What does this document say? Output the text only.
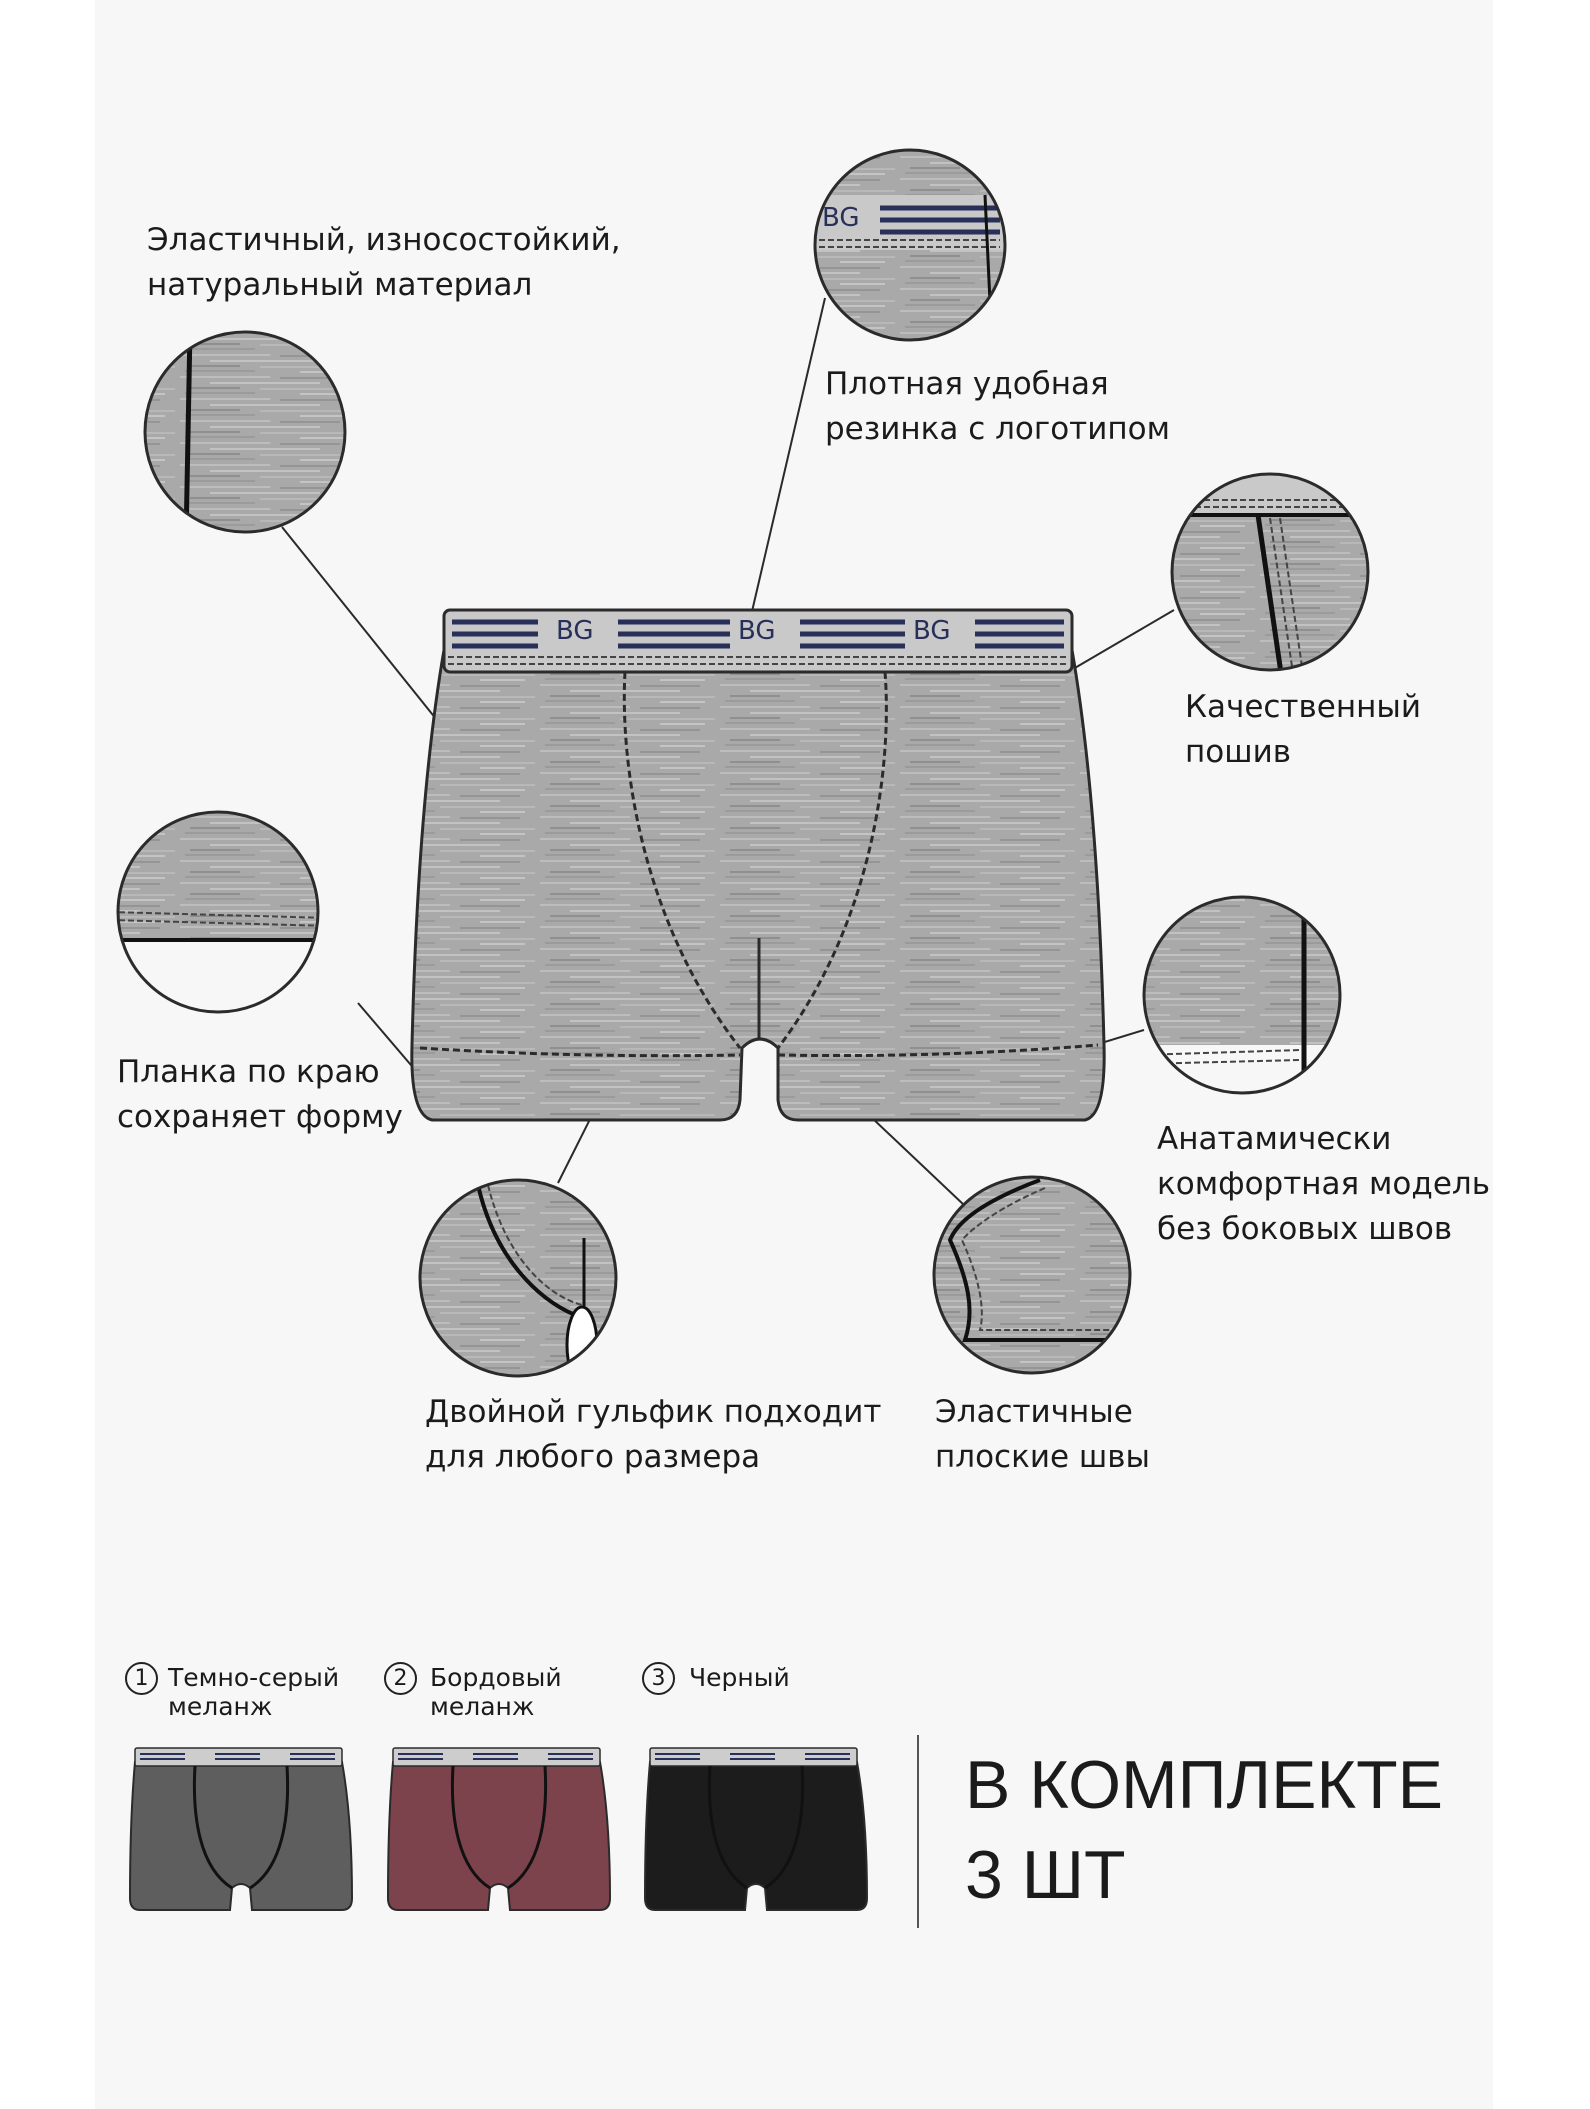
BG	BG	BG
BG
Эластичный, износостойкий,
натуральный материал
Плотная удобная
резинка с логотипом
Качественный
пошив
Планка по краю
сохраняет форму
Анатамически
комфортная модель
без боковых швов
Двойной гульфик подходит
для любого размера
Эластичные
плоские швы
1 Темно-серый
меланж
2 Бордовый
меланж
3 Черный
В КОМПЛЕКТЕ
3 ШТ
